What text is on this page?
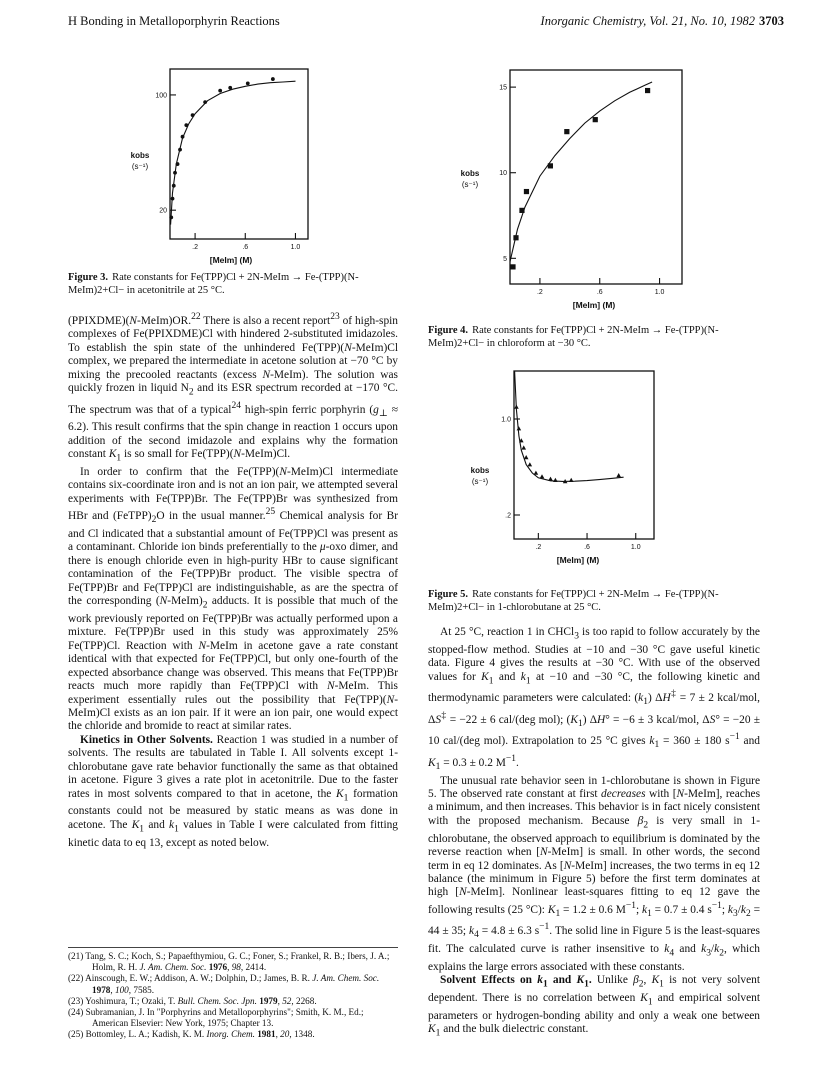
H Bonding in Metalloporphyrin Reactions	Inorganic Chemistry, Vol. 21, No. 10, 1982 3703
.2	.6	1.0
100
20
[MeIm] (M)
kobs
(s⁻¹)
Figure 3. Rate constants for Fe(TPP)Cl + 2N-MeIm → Fe-(TPP)(N-MeIm)2+Cl− in acetonitrile at 25 °C.	.2	.6	1.0
15
10
5
[MeIm] (M)
kobs
(s⁻¹)
Figure 4. Rate constants for Fe(TPP)Cl + 2N-MeIm → Fe-(TPP)(N-MeIm)2+Cl− in chloroform at −30 °C.
.2	.6	1.0
1.0
.2
[MeIm] (M)
kobs
(s⁻¹)
Figure 5. Rate constants for Fe(TPP)Cl + 2N-MeIm → Fe-(TPP)(N-MeIm)2+Cl− in 1-chlorobutane at 25 °C.

(PPIXDME)(N-MeIm)OR.$^{22}$ There is also a recent report$^{23}$ of high-spin complexes of Fe(PPIXDME)Cl with hindered 2-substituted imidazoles. To establish the spin state of the unhindered Fe(TPP)(N-MeIm)Cl complex, we prepared the intermediate in acetone solution at −70 °C by mixing the precooled reactants (excess N-MeIm). The solution was quickly frozen in liquid $N_2$ and its ESR spectrum recorded at −170 °C. The spectrum was that of a typical$^{24}$ high-spin ferric porphyrin $(g_\perp \approx 6.2)$. This result confirms that the spin change in reaction 1 occurs upon addition of the second imidazole and explains why the formation constant $K_1$ is so small for Fe(TPP)(N-MeIm)Cl.

In order to confirm that the Fe(TPP)(N-MeIm)Cl intermediate contains six-coordinate iron and is not an ion pair, we attempted several experiments with Fe(TPP)Br. The Fe(TPP)Br was synthesized from HBr and $(FeTPP)_2O$ in the usual manner.$^{25}$ Chemical analysis for Br and Cl indicated that a substantial amount of Fe(TPP)Cl was present as a contaminant. Chloride ion binds preferentially to the μ-oxo dimer, and there is enough chloride even in high-purity HBr to cause significant contamination of the Fe(TPP)Br product. The visible spectra of Fe(TPP)Br and Fe(TPP)Cl are indistinguishable, as are the spectra of the corresponding $(N-MeIm)_2$ adducts. It is possible that much of the work previously reported on Fe(TPP)Br was actually performed upon a mixture. Fe(TPP)Br used in this study was approximately 25% Fe(TPP)Cl. Reaction with N-MeIm in acetone gave a rate constant identical with that expected for Fe(TPP)Cl, but only one-fourth of the expected absorbance change was observed. This means that Fe(TPP)Br reacts much more rapidly than Fe(TPP)Cl with N-MeIm. This experiment essentially rules out the possibility that Fe(TPP)(N-MeIm)Cl exists as an ion pair. If it were an ion pair, one would expect the chloride and bromide to react at similar rates.

Kinetics in Other Solvents. Reaction 1 was studied in a number of solvents. The results are tabulated in Table I. All solvents except 1-chlorobutane gave rate behavior functionally the same as that obtained in acetone. Figure 3 gives a rate plot in acetonitrile. Due to the faster rates in most solvents compared to that in acetone, the $K_1$ formation constants could not be measured by static means as was done in acetone. The $K_1$ and $k_1$ values in Table I were calculated from fitting kinetic data to eq 13, except as noted below.

At 25 °C, reaction 1 in CHCl$_3$ is too rapid to follow accurately by the stopped-flow method. Studies at −10 and −30 °C gave useful kinetic data. Figure 4 gives the results at −30 °C. With use of the observed values for $K_1$ and $k_1$ at −10 and −30 °C, the following kinetic and thermodynamic parameters were calculated: $(k_1) \Delta H^\ddagger = 7 \pm 2$ kcal/mol, ΔS‡ = −22 ± 6 cal/(deg mol); $(K_1) \Delta H^\circ = -6 \pm 3$ kcal/mol, ΔS° = −20 ± 10 cal/(deg mol). Extrapolation to 25 °C gives $k_1 = 360 \pm 180$ $s^{-1}$ and $K_1 = 0.3 \pm 0.2$ $M^{-1}$.

The unusual rate behavior seen in 1-chlorobutane is shown in Figure 5. The observed rate constant at first decreases with [N-MeIm], reaches a minimum, and then increases. This behavior is in fact nicely consistent with the proposed mechanism. Because $\beta_2$ is very small in 1-chlorobutane, the observed approach to equilibrium is dominated by the reverse reaction when [N-MeIm] is small. In other words, the second term in eq 12 dominates. As [N-MeIm] increases, the two terms in eq 12 balance (the minimum in Figure 5) before the first term dominates at high [N-MeIm]. Nonlinear least-squares fitting to eq 12 gave the following results (25 °C): $K_1 = 1.2 \pm 0.6$ $M^{-1}$; $k_1 = 0.7 \pm 0.4$ $s^{-1}$; $k_3/k_2 = 44 \pm 35$; $k_4 = 4.8 \pm 6.3$ $s^{-1}$. The solid line in Figure 5 is the least-squares fit. The calculated curve is rather insensitive to $k_4$ and $k_3/k_2$, which explains the large errors associated with these constants.

Solvent Effects on $k_1$ and $K_1$. Unlike $\beta_2$, $K_1$ is not very solvent dependent. There is no correlation between $K_1$ and empirical solvent parameters or hydrogen-bonding ability and only a weak one between $K_1$ and the bulk dielectric constant.

(21) Tang, S. C.; Koch, S.; Papaefthymiou, G. C.; Foner, S.; Frankel, R. B.; Ibers, J. A.; Holm, R. H. J. Am. Chem. Soc. 1976, 98, 2414.
(22) Ainscough, E. W.; Addison, A. W.; Dolphin, D.; James, B. R. J. Am. Chem. Soc. 1978, 100, 7585.
(23) Yoshimura, T.; Ozaki, T. Bull. Chem. Soc. Jpn. 1979, 52, 2268.
(24) Subramanian, J. In "Porphyrins and Metalloporphyrins"; Smith, K. M., Ed.; American Elsevier: New York, 1975; Chapter 13.
(25) Bottomley, L. A.; Kadish, K. M. Inorg. Chem. 1981, 20, 1348.
